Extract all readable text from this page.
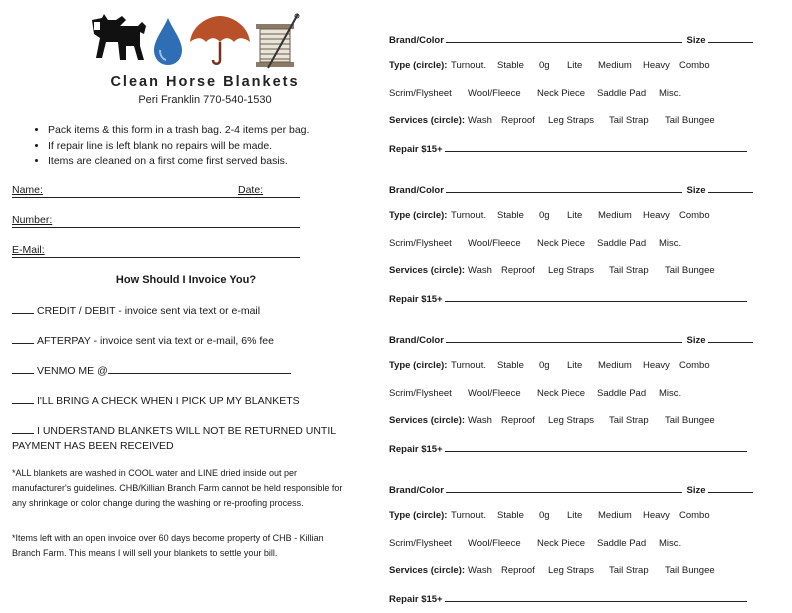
Clean Horse Blankets
Peri Franklin 770-540-1530
• Pack items & this form in a trash bag. 2-4 items per bag.
• If repair line is left blank no repairs will be made.
• Items are cleaned on a first come first served basis.
Name:	Date:
Number:
E-Mail:
How Should I Invoice You?
CREDIT / DEBIT - invoice sent via text or e-mail
AFTERPAY - invoice sent via text or e-mail, 6% fee
VENMO ME @
I'LL BRING A CHECK WHEN I PICK UP MY BLANKETS
I UNDERSTAND BLANKETS WILL NOT BE RETURNED UNTIL PAYMENT HAS BEEN RECEIVED
*ALL blankets are washed in COOL water and LINE dried inside out per manufacturer's guidelines. CHB/Killian Branch Farm cannot be held responsible for any shrinkage or color change during the washing or re-proofing process.
*Items left with an open invoice over 60 days become property of CHB - Killian Branch Farm. This means I will sell your blankets to settle your bill.
Brand/Color	Size
Type (circle): Turnout. Stable 0g Lite Medium Heavy Combo
Scrim/Flysheet Wool/Fleece Neck Piece Saddle Pad Misc.
Services (circle): Wash Reproof Leg Straps Tail Strap Tail Bungee
Repair $15+
Brand/Color	Size
Type (circle): Turnout. Stable 0g Lite Medium Heavy Combo
Scrim/Flysheet Wool/Fleece Neck Piece Saddle Pad Misc.
Services (circle): Wash Reproof Leg Straps Tail Strap Tail Bungee
Repair $15+
Brand/Color	Size
Type (circle): Turnout. Stable 0g Lite Medium Heavy Combo
Scrim/Flysheet Wool/Fleece Neck Piece Saddle Pad Misc.
Services (circle): Wash Reproof Leg Straps Tail Strap Tail Bungee
Repair $15+
Brand/Color	Size
Type (circle): Turnout. Stable 0g Lite Medium Heavy Combo
Scrim/Flysheet Wool/Fleece Neck Piece Saddle Pad Misc.
Services (circle): Wash Reproof Leg Straps Tail Strap Tail Bungee
Repair $15+
